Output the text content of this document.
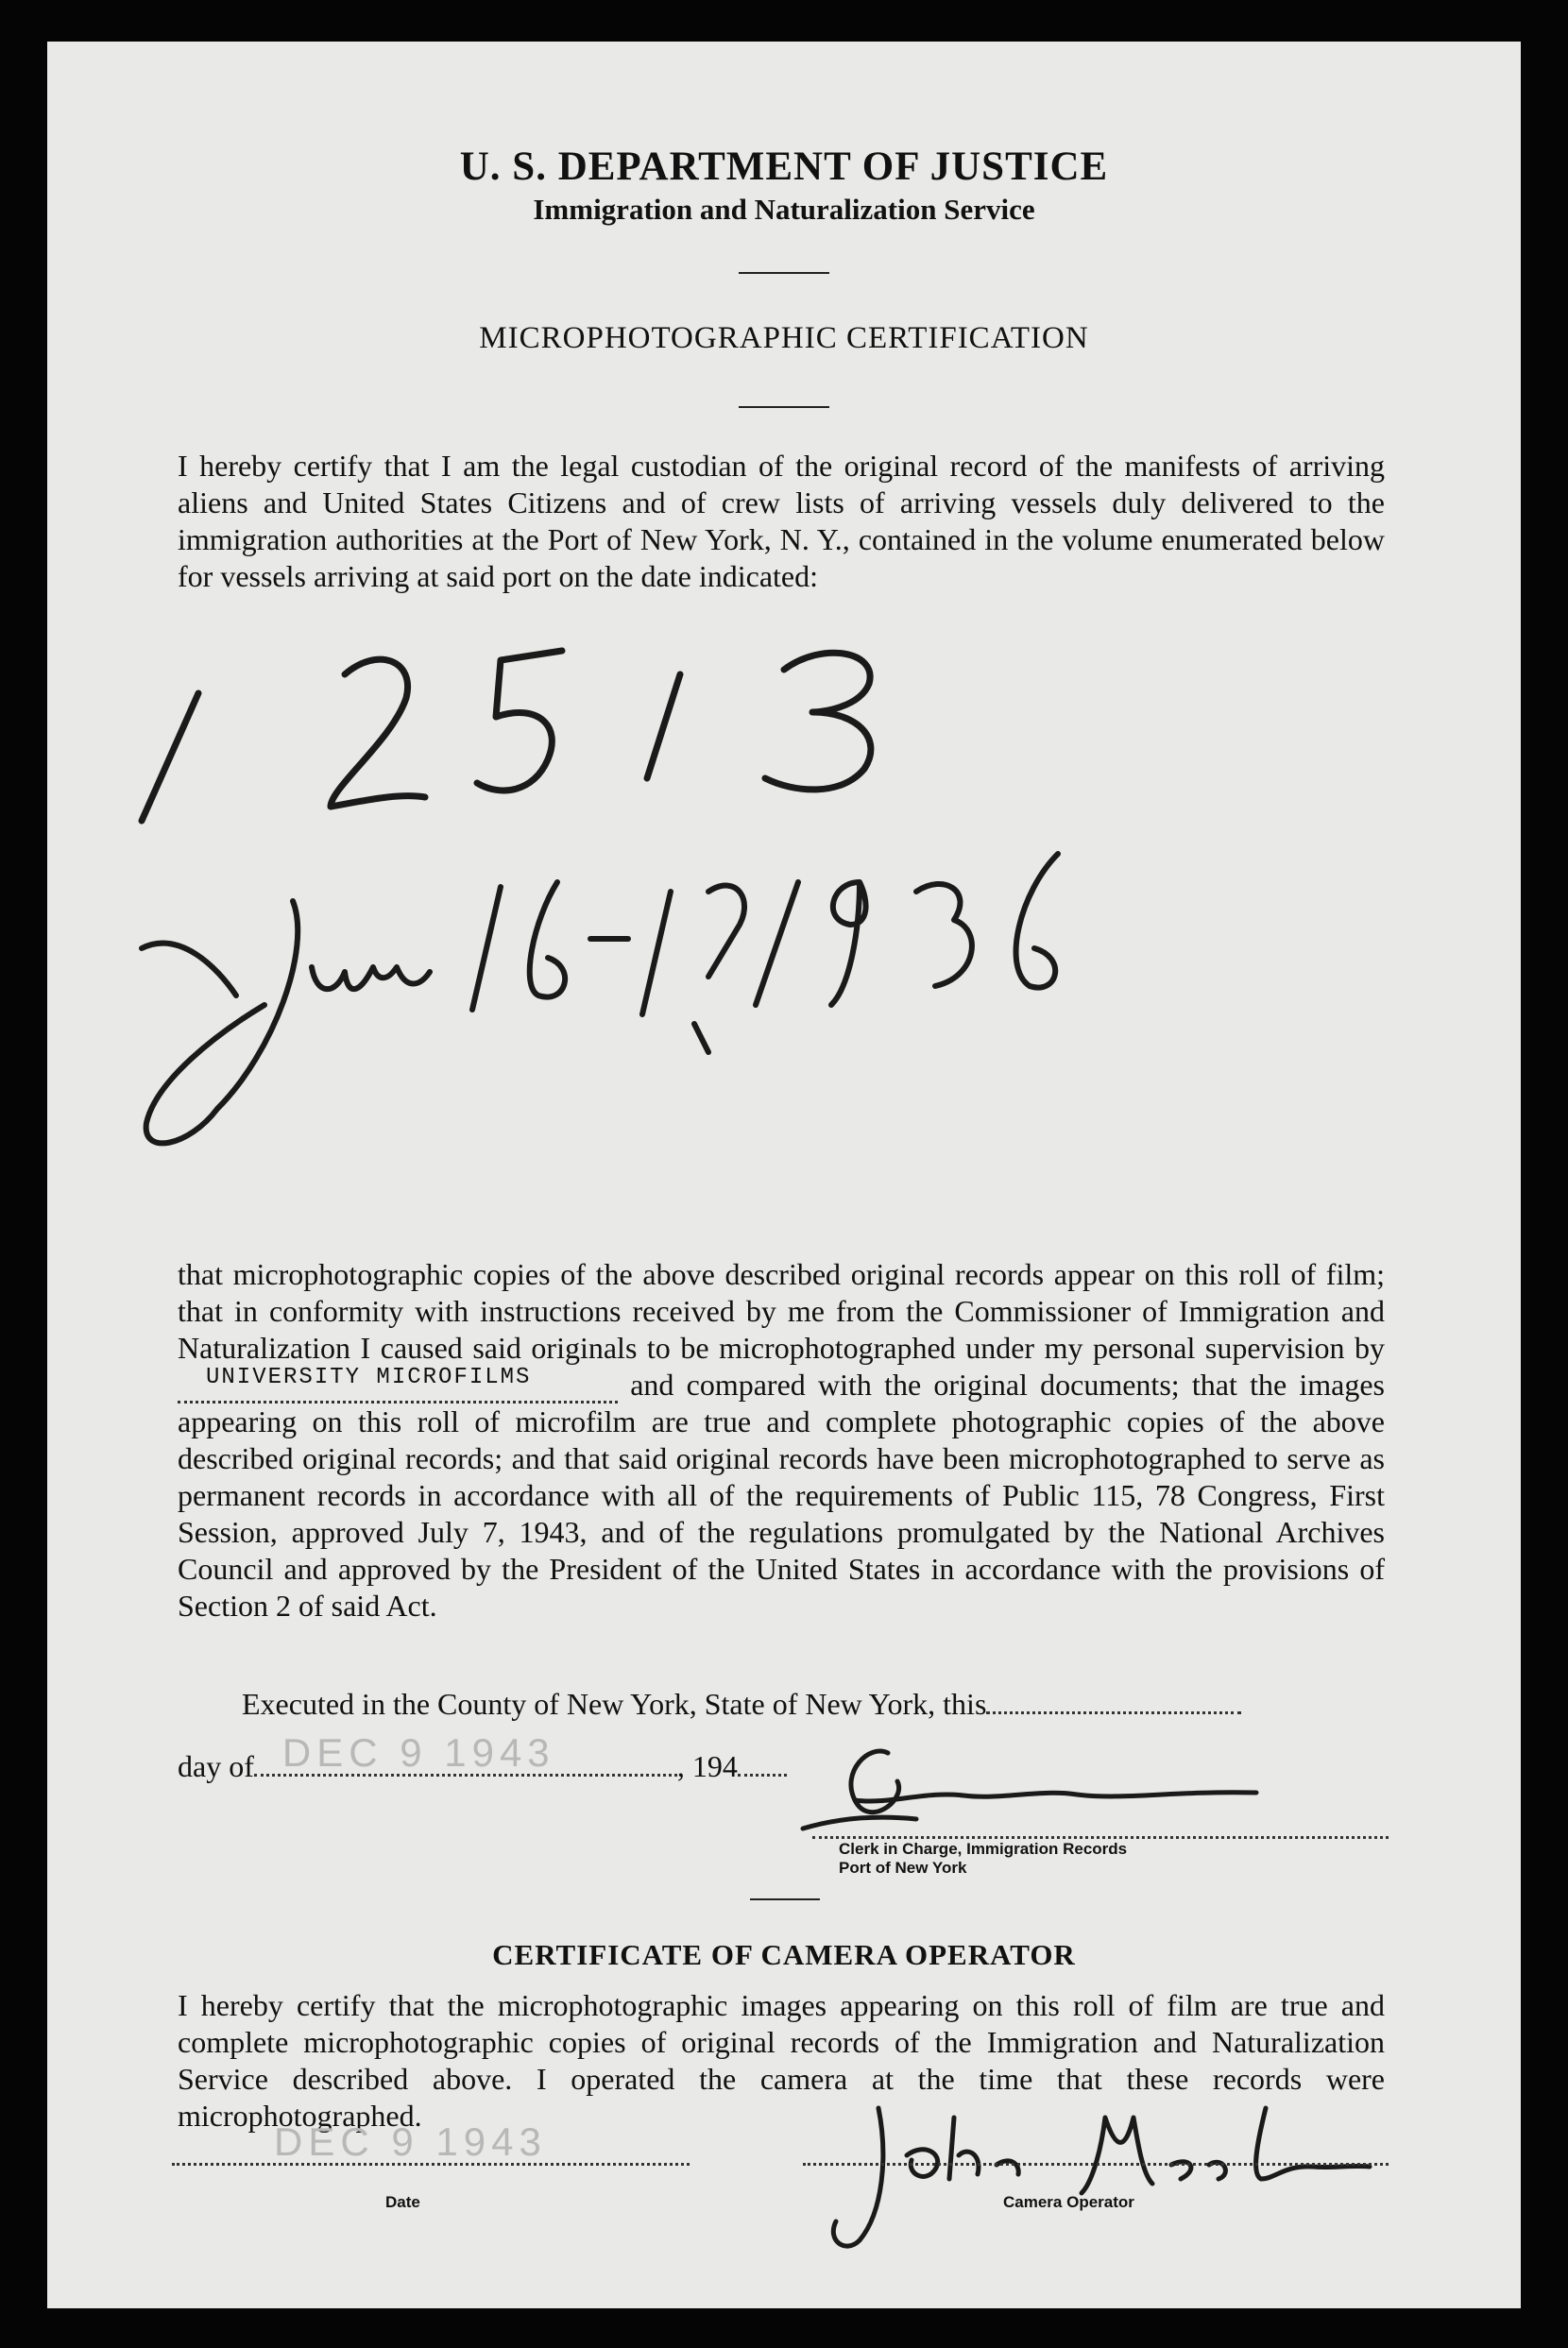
U. S. DEPARTMENT OF JUSTICE
Immigration and Naturalization Service
MICROPHOTOGRAPHIC CERTIFICATION
I hereby certify that I am the legal custodian of the original record of the manifests of arriving aliens and United States Citizens and of crew lists of arriving vessels duly delivered to the immigration authorities at the Port of New York, N. Y., contained in the volume enumerated below for vessels arriving at said port on the date indicated:
that microphotographic copies of the above described original records appear on this roll of film; that in conformity with instructions received by me from the Commissioner of Immigration and Naturalization I caused said originals to be microphotographed under my personal supervision by
UNIVERSITY MICROFILMS	and compared with the original documents; that the images appearing on this roll of microfilm are true and complete photographic copies of the above described original records; and that said original records have been microphotographed to serve as permanent records in accordance with all of the requirements of Public 115, 78 Congress, First Session, approved July 7, 1943, and of the regulations promulgated by the National Archives Council and approved by the President of the United States in accordance with the provisions of Section 2 of said Act.
Executed in the County of New York, State of New York, this
day of DEC 9 1943	, 194
Clerk in Charge, Immigration Records
Port of New York
CERTIFICATE OF CAMERA OPERATOR
I hereby certify that the microphotographic images appearing on this roll of film are true and complete microphotographic copies of original records of the Immigration and Naturalization Service described above. I operated the camera at the time that these records were microphotographed.
DEC 9 1943
Date	Camera Operator
